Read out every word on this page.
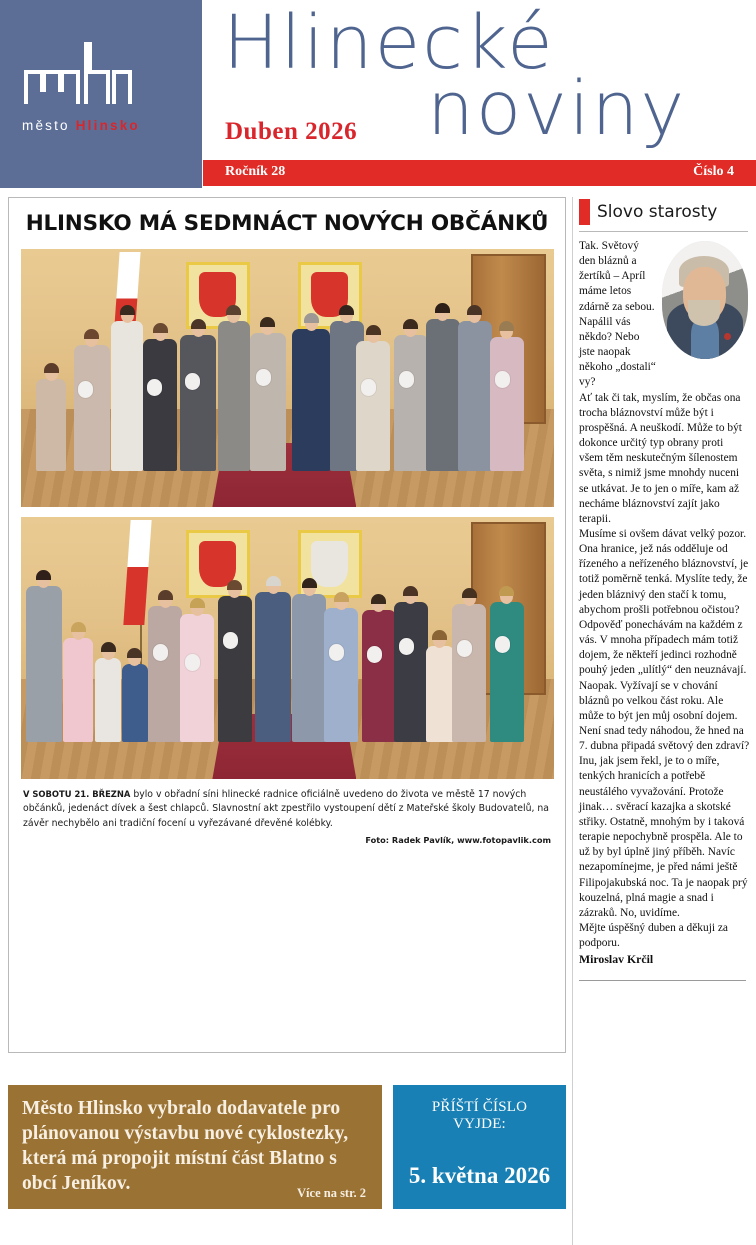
město Hlinsko
Hlinecké
noviny
Duben 2026
Ročník 28	Číslo 4
HLINSKO MÁ SEDMNÁCT NOVÝCH OBČÁNKŮ

V SOBOTU 21. BŘEZNA bylo v obřadní síni hlinecké radnice oficiálně uvedeno do života ve městě 17 nových občánků, jedenáct dívek a šest chlapců. Slavnostní akt zpestřilo vystoupení dětí z Mateřské školy Budovatelů, na závěr nechybělo ani tradiční focení u vyřezávané dřevěné kolébky.

Foto: Radek Pavlík, www.fotopavlik.com
Město Hlinsko vybralo dodavatele pro plánovanou výstavbu nové cyklostezky, která má propojit místní část Blatno s obcí Jeníkov.	Více na str. 2
PŘÍŠTÍ ČÍSLO VYJDE:
5. května 2026
Slovo starosty

Tak. Světový den bláznů a žertíků – Apríl máme letos zdárně za sebou. Napálil vás někdo? Nebo jste naopak někoho „dostali“ vy?

Ať tak či tak, myslím, že občas ona trocha bláznovství může být i prospěšná. A neuškodí. Může to být dokonce určitý typ obrany proti všem těm neskutečným šílenostem světa, s nimiž jsme mnohdy nuceni se utkávat. Je to jen o míře, kam až necháme bláznovství zajít jako terapii.

Musíme si ovšem dávat velký pozor. Ona hranice, jež nás odděluje od řízeného a neřízeného bláznovství, je totiž poměrně tenká. Myslíte tedy, že jeden bláznivý den stačí k tomu, abychom prošli potřebnou očistou?

Odpověď ponechávám na každém z vás. V mnoha případech mám totiž dojem, že někteří jedinci rozhodně pouhý jeden „ulítlý“ den neuznávají. Naopak. Vyžívají se v chování bláznů po velkou část roku. Ale může to být jen můj osobní dojem. Není snad tedy náhodou, že hned na 7. dubna připadá světový den zdraví? Inu, jak jsem řekl, je to o míře, tenkých hranicích a potřebě neustálého vyvažování. Protože jinak… svěrací kazajka a skotské střiky. Ostatně, mnohým by i taková terapie nepochybně prospěla. Ale to už by byl úplně jiný příběh. Navíc nezapomínejme, je před námi ještě Filipojakubská noc. Ta je naopak prý kouzelná, plná magie a snad i zázraků. No, uvidíme.

Mějte úspěšný duben a děkuji za podporu.

Miroslav Krčil
